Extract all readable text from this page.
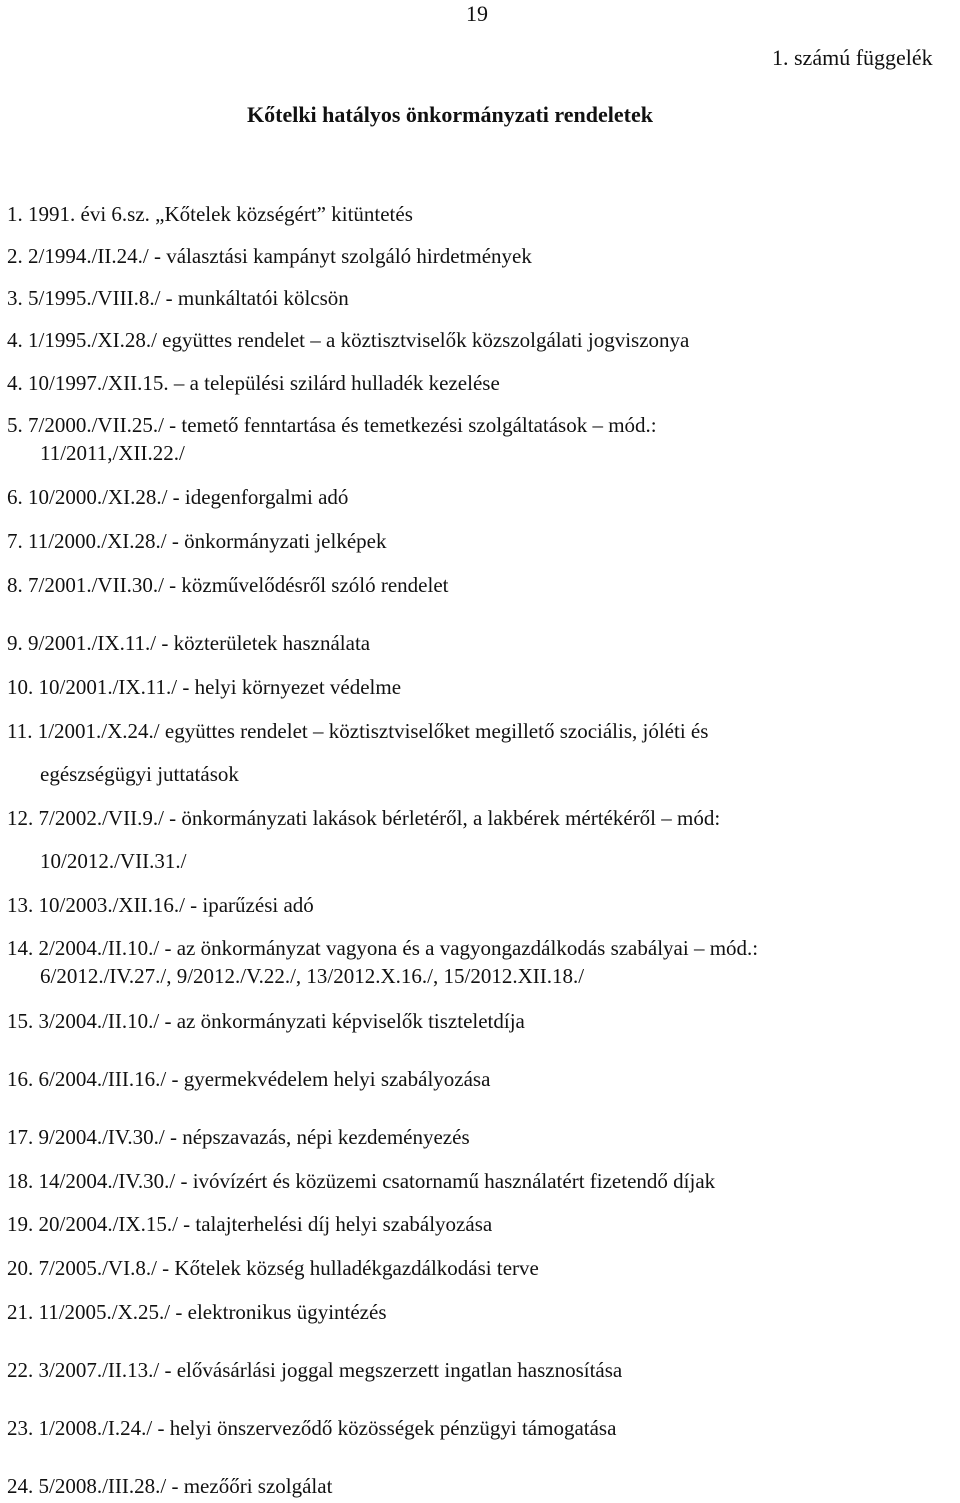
19
1. számú függelék
Kőtelki hatályos önkormányzati rendeletek
1. 1991. évi 6.sz. „Kőtelek községért” kitüntetés
2. 2/1994./II.24./ - választási kampányt szolgáló hirdetmények
3. 5/1995./VIII.8./ - munkáltatói kölcsön
4. 1/1995./XI.28./ együttes rendelet – a köztisztviselők közszolgálati jogviszonya
4. 10/1997./XII.15. – a települési szilárd hulladék kezelése
5. 7/2000./VII.25./ - temető fenntartása és temetkezési szolgáltatások – mód.:
11/2011,/XII.22./
6. 10/2000./XI.28./ - idegenforgalmi adó
7. 11/2000./XI.28./ - önkormányzati jelképek
8. 7/2001./VII.30./ - közművelődésről szóló rendelet
9. 9/2001./IX.11./ - közterületek használata
10. 10/2001./IX.11./ - helyi környezet védelme
11. 1/2001./X.24./ együttes rendelet – köztisztviselőket megillető szociális, jóléti és
egészségügyi juttatások
12. 7/2002./VII.9./ - önkormányzati lakások bérletéről, a lakbérek mértékéről – mód:
10/2012./VII.31./
13. 10/2003./XII.16./ - iparűzési adó
14. 2/2004./II.10./ - az önkormányzat vagyona és a vagyongazdálkodás szabályai – mód.:
6/2012./IV.27./, 9/2012./V.22./, 13/2012.X.16./, 15/2012.XII.18./
15. 3/2004./II.10./ - az önkormányzati képviselők tiszteletdíja
16. 6/2004./III.16./ - gyermekvédelem helyi szabályozása
17. 9/2004./IV.30./ - népszavazás, népi kezdeményezés
18. 14/2004./IV.30./ - ivóvízért és közüzemi csatornamű használatért fizetendő díjak
19. 20/2004./IX.15./ - talajterhelési díj helyi szabályozása
20. 7/2005./VI.8./ - Kőtelek község hulladékgazdálkodási terve
21. 11/2005./X.25./ - elektronikus ügyintézés
22. 3/2007./II.13./ - elővásárlási joggal megszerzett ingatlan hasznosítása
23. 1/2008./I.24./ - helyi önszerveződő közösségek pénzügyi támogatása
24. 5/2008./III.28./ - mezőőri szolgálat
